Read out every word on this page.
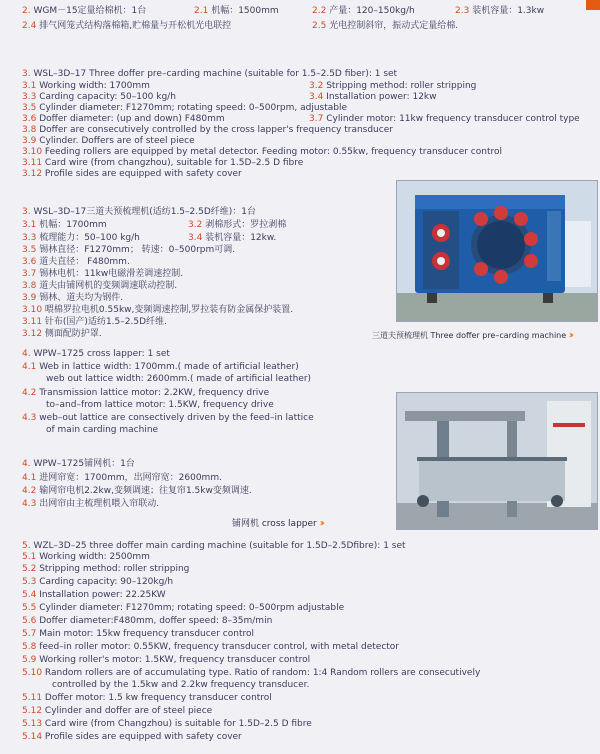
2. WGM－15定量给棉机：1台	2.1 机幅：1500mm	2.2 产量：120–150kg/h	2.3 装机容量：1.3kw
2.4 排气网笼式结构落棉箱,贮棉量与开松机光电联控	2.5 光电控制斜帘，振动式定量给棉.
3. WSL–3D–17 Three doffer pre–carding machine (suitable for 1.5–2.5D fiber): 1 set
3.1 Working width: 1700mm	3.2 Stripping method: roller stripping
3.3 Carding capacity: 50–100 kg/h	3.4 Installation power: 12kw
3.5 Cylinder diameter: F1270mm; rotating speed: 0–500rpm, adjustable
3.6 Doffer diameter: (up and down) F480mm	3.7 Cylinder motor: 11kw frequency transducer control type
3.8 Doffer are consecutively controlled by the cross lapper's frequency transducer
3.9 Cylinder. Doffers are of steel piece
3.10 Feeding rollers are equipped by metal detector. Feeding motor: 0.55kw, frequency transducer control
3.11 Card wire (from changzhou), suitable for 1.5D–2.5 D fibre
3.12 Profile sides are equipped with safety cover
三道夫预梳理机 Three doffer pre–carding machine ››
3. WSL–3D–17三道夫预梳理机(适纺1.5–2.5D纤维)：1台
3.1 机幅：1700mm	3.2 剥棉形式：罗拉剥棉
3.3 梳理能力：50–100 kg/h	3.4 装机容量：12kw.
3.5 锡林直径：F1270mm； 转速：0–500rpm可调.
3.6 道夫直径： F480mm.
3.7 锡林电机：11kw电磁滑差调速控制.
3.8 道夫由铺网机的变频调速联动控制.
3.9 锡林、道夫均为钢件.
3.10 喂棉罗拉电机0.55kw,变频调速控制,罗拉装有防金属保护装置.
3.11 针布(国产)适纺1.5–2.5D纤维.
3.12 侧面配防护罩.
4. WPW–1725 cross lapper: 1 set
4.1 Web in lattice width: 1700mm.( made of artificial leather)
web out lattice width: 2600mm.( made of artificial leather)
4.2 Transmission lattice motor: 2.2KW, frequency drive
to–and–from lattice motor: 1.5KW, frequency drive
4.3 web–out lattice are consectively driven by the feed–in lattice
of main carding machine
4. WPW–1725铺网机：1台
4.1 进网帘宽：1700mm，出网帘宽：2600mm.
4.2 输网帘电机2.2kw,变频调速；往复帘1.5kw变频调速.
4.3 出网帘由主梳理机喂入帘联动.
铺网机 cross lapper ››
5. WZL–3D–25 three doffer main carding machine (suitable for 1.5D–2.5Dfibre): 1 set
5.1 Working width: 2500mm
5.2 Stripping method: roller stripping
5.3 Carding capacity: 90–120kg/h
5.4 Installation power: 22.25KW
5.5 Cylinder diameter: F1270mm; rotating speed: 0–500rpm adjustable
5.6 Doffer diameter:F480mm, doffer speed: 8–35m/min
5.7 Main motor: 15kw frequency transducer control
5.8 feed–in roller motor: 0.55KW, frequency transducer control, with metal detector
5.9 Working roller's motor: 1.5KW, frequency transducer control
5.10 Random rollers are of accumulating type. Ratio of random: 1:4 Random rollers are consecutively
controlled by the 1.5kw and 2.2kw frequency transducer.
5.11 Doffer motor: 1.5 kw frequency transducer control
5.12 Cylinder and doffer are of steel piece
5.13 Card wire (from Changzhou) is suitable for 1.5D–2.5 D fibre
5.14 Profile sides are equipped with safety cover
